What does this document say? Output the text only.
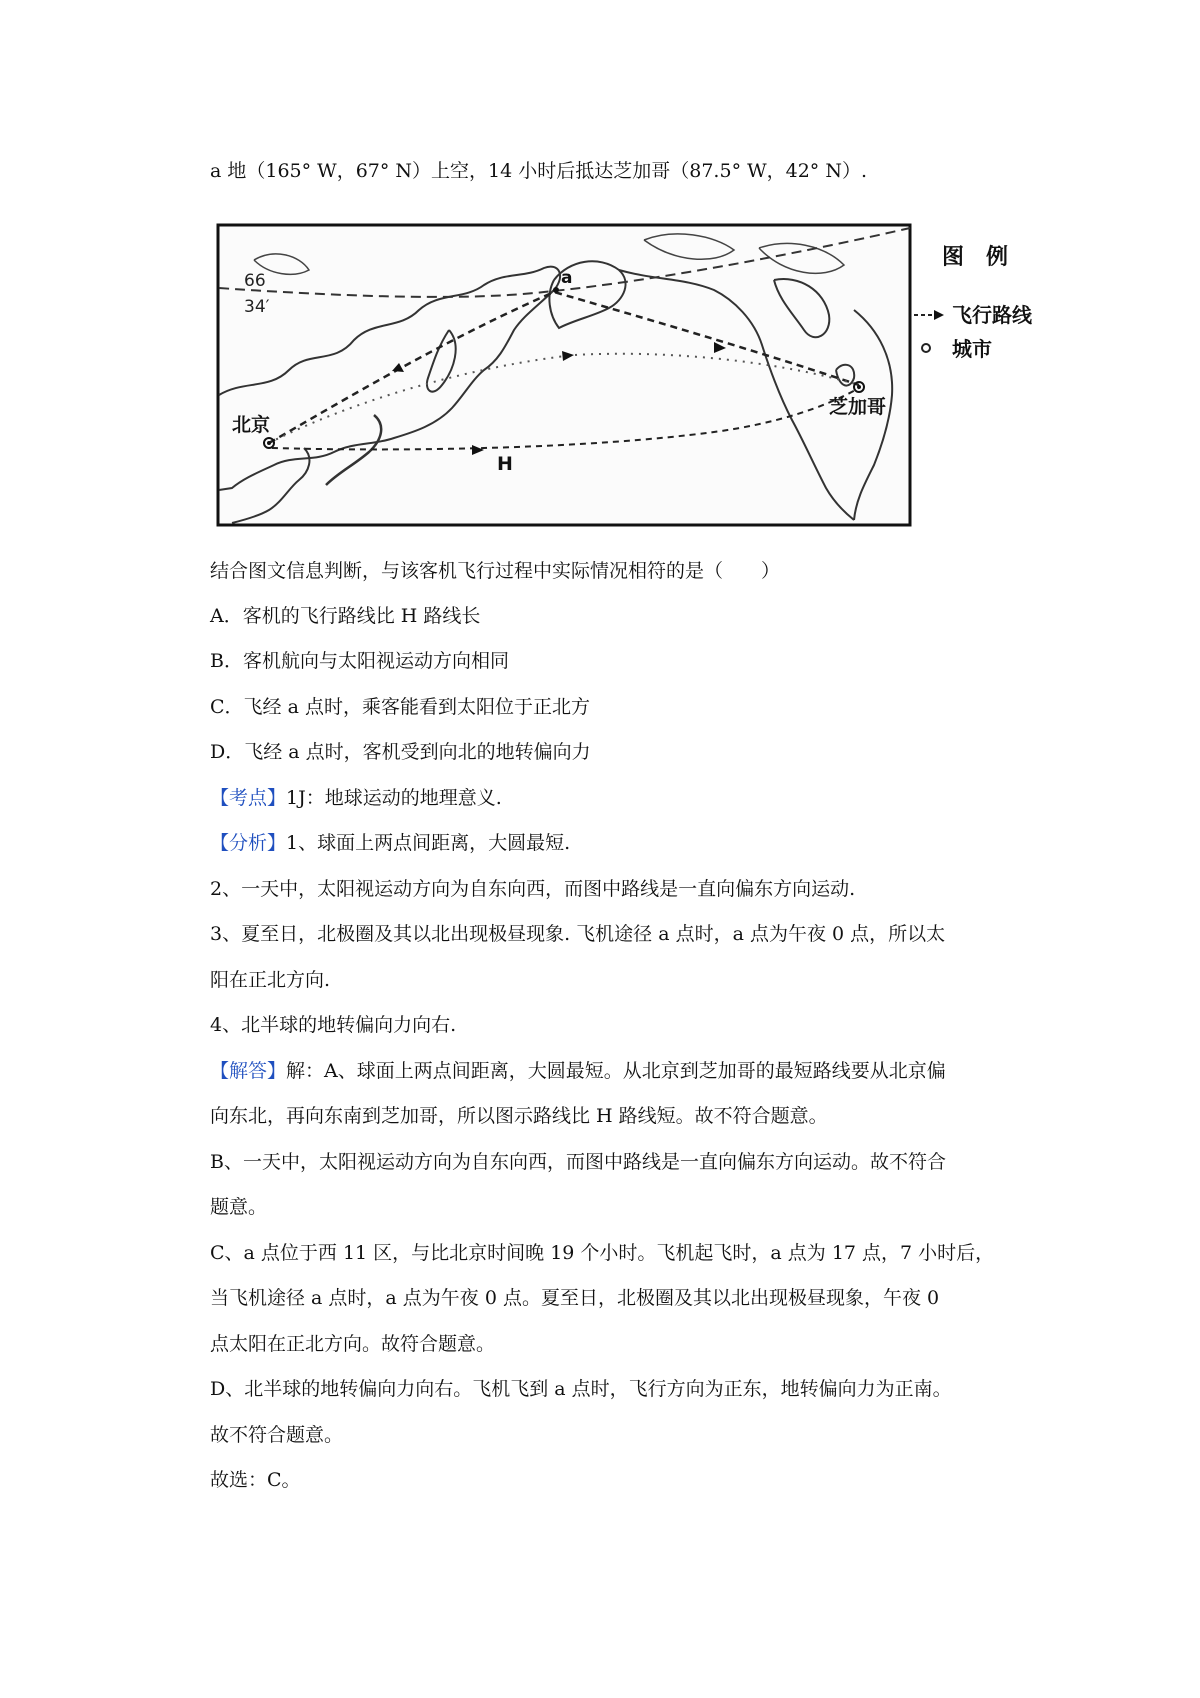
a 地（165° W，67° N）上空，14 小时后抵达芝加哥（87.5° W，42° N）.
66
34′
a
北京
芝加哥
H
图　例
飞行路线
城市
结合图文信息判断，与该客机飞行过程中实际情况相符的是（　　）
A．客机的飞行路线比 H 路线长
B．客机航向与太阳视运动方向相同
C．飞经 a 点时，乘客能看到太阳位于正北方
D．飞经 a 点时，客机受到向北的地转偏向力
【考点】1J：地球运动的地理意义.
【分析】1、球面上两点间距离，大圆最短.
2、一天中，太阳视运动方向为自东向西，而图中路线是一直向偏东方向运动.
3、夏至日，北极圈及其以北出现极昼现象. 飞机途径 a 点时，a 点为午夜 0 点，所以太
阳在正北方向.
4、北半球的地转偏向力向右.
【解答】解：A、球面上两点间距离，大圆最短。从北京到芝加哥的最短路线要从北京偏
向东北，再向东南到芝加哥，所以图示路线比 H 路线短。故不符合题意。
B、一天中，太阳视运动方向为自东向西，而图中路线是一直向偏东方向运动。故不符合
题意。
C、a 点位于西 11 区，与比北京时间晚 19 个小时。飞机起飞时，a 点为 17 点，7 小时后，
当飞机途径 a 点时，a 点为午夜 0 点。夏至日，北极圈及其以北出现极昼现象，午夜 0
点太阳在正北方向。故符合题意。
D、北半球的地转偏向力向右。飞机飞到 a 点时，飞行方向为正东，地转偏向力为正南。
故不符合题意。
故选：C。
